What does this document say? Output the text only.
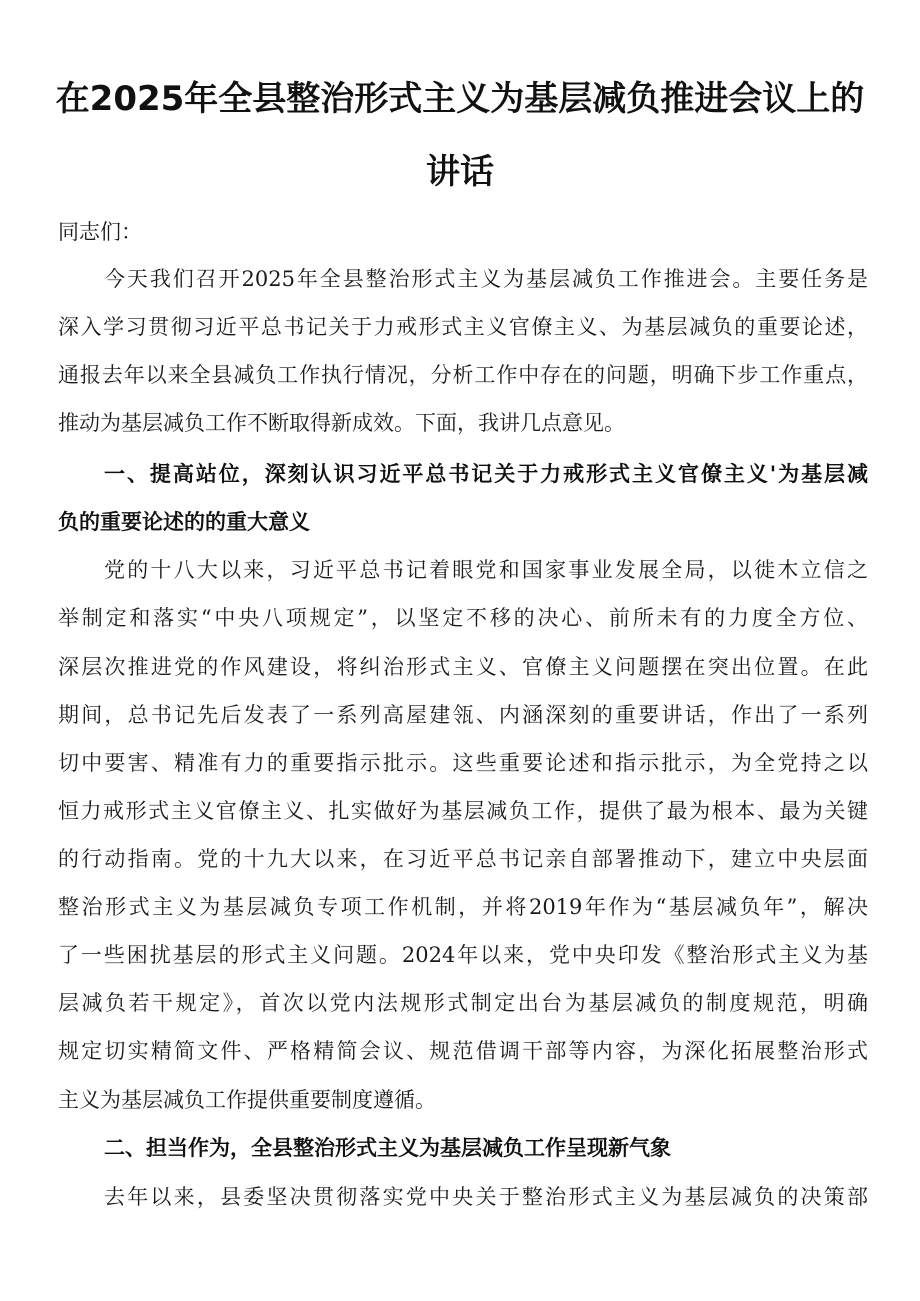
在2025年全县整治形式主义为基层减负推进会议上的
讲话
同志们：
今天我们召开2025年全县整治形式主义为基层减负工作推进会。主要任务是
深入学习贯彻习近平总书记关于力戒形式主义官僚主义、为基层减负的重要论述，
通报去年以来全县减负工作执行情况，分析工作中存在的问题，明确下步工作重点，
推动为基层减负工作不断取得新成效。下面，我讲几点意见。
一、提高站位，深刻认识习近平总书记关于力戒形式主义官僚主义'为基层减
负的重要论述的的重大意义
党的十八大以来，习近平总书记着眼党和国家事业发展全局，以徙木立信之
举制定和落实“中央八项规定”，以坚定不移的决心、前所未有的力度全方位、
深层次推进党的作风建设，将纠治形式主义、官僚主义问题摆在突出位置。在此
期间，总书记先后发表了一系列高屋建瓴、内涵深刻的重要讲话，作出了一系列
切中要害、精准有力的重要指示批示。这些重要论述和指示批示，为全党持之以
恒力戒形式主义官僚主义、扎实做好为基层减负工作，提供了最为根本、最为关键
的行动指南。党的十九大以来，在习近平总书记亲自部署推动下，建立中央层面
整治形式主义为基层减负专项工作机制，并将2019年作为“基层减负年”，解决
了一些困扰基层的形式主义问题。2024年以来，党中央印发《整治形式主义为基
层减负若干规定》，首次以党内法规形式制定出台为基层减负的制度规范，明确
规定切实精简文件、严格精简会议、规范借调干部等内容，为深化拓展整治形式
主义为基层减负工作提供重要制度遵循。
二、担当作为，全县整治形式主义为基层减负工作呈现新气象
去年以来，县委坚决贯彻落实党中央关于整治形式主义为基层减负的决策部
